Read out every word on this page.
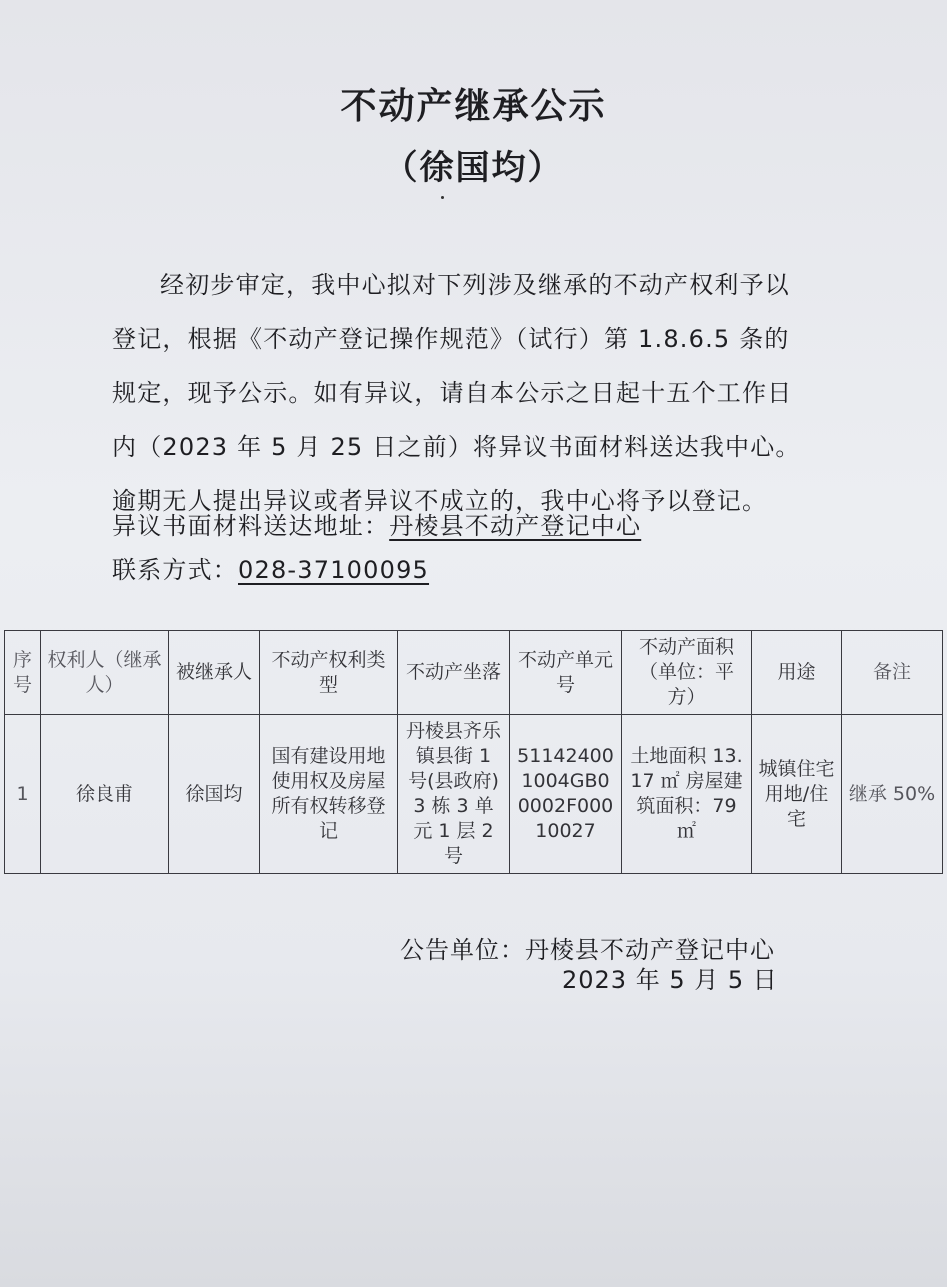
不动产继承公示
（徐国均）

经初步审定，我中心拟对下列涉及继承的不动产权利予以登记，根据《不动产登记操作规范》（试行）第 1.8.6.5 条的规定，现予公示。如有异议，请自本公示之日起十五个工作日内（2023 年 5 月 25 日之前）将异议书面材料送达我中心。逾期无人提出异议或者异议不成立的，我中心将予以登记。

异议书面材料送达地址：丹棱县不动产登记中心
联系方式：028-37100095
序号	权利人（继承人）	被继承人	不动产权利类型	不动产坐落	不动产单元号	不动产面积（单位：平方）	用途	备注
1	徐良甫	徐国均	国有建设用地使用权及房屋所有权转移登记	丹棱县齐乐镇县街 1 号(县政府)3 栋 3 单元 1 层 2 号	511424001004GB00002F00010027	土地面积 13.17 ㎡ 房屋建筑面积：79 ㎡	城镇住宅用地/住宅	继承 50%
公告单位：丹棱县不动产登记中心
2023 年 5 月 5 日
